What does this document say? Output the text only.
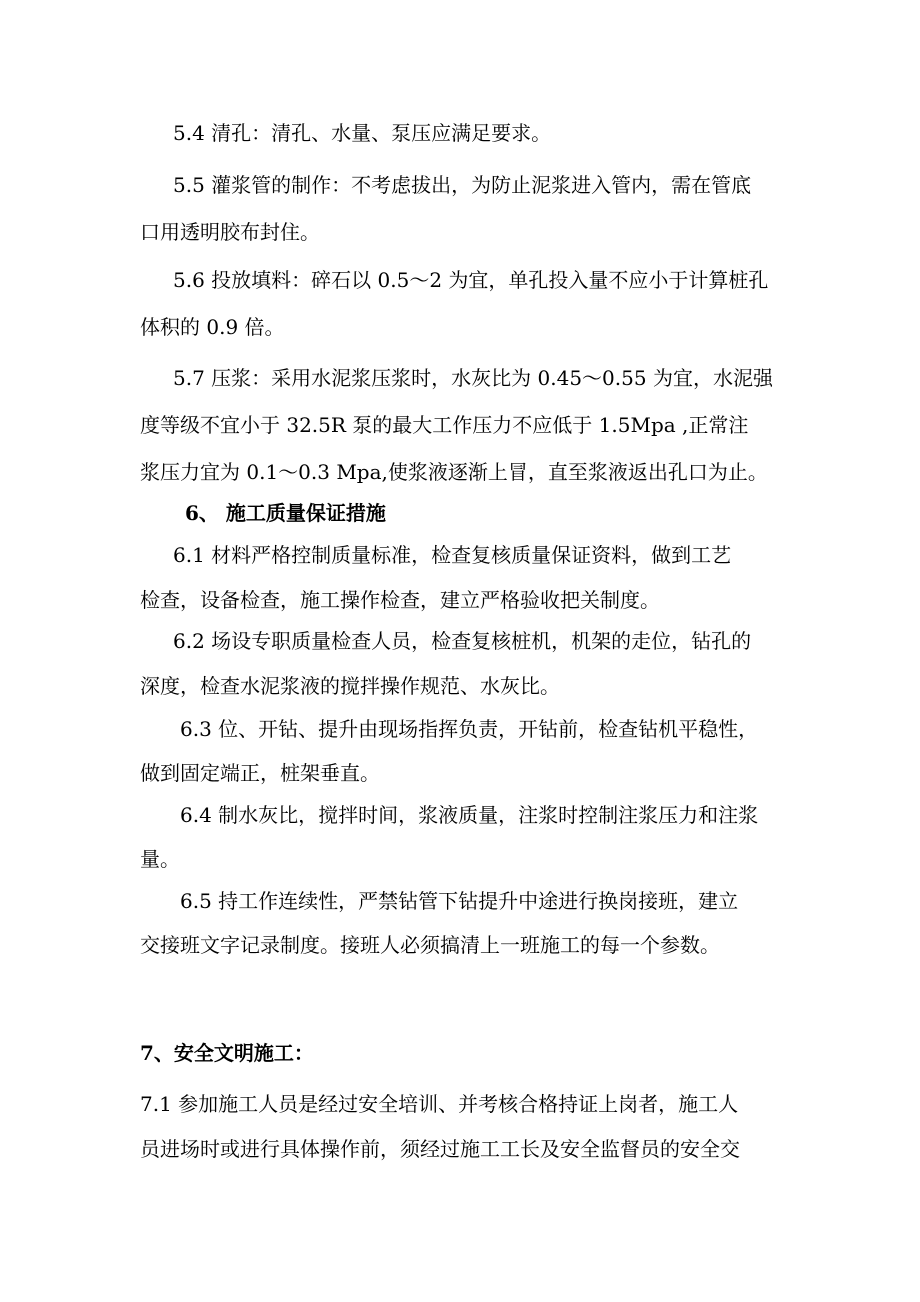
5.4 清孔：清孔、水量、泵压应满足要求。
5.5 灌浆管的制作：不考虑拔出，为防止泥浆进入管内，需在管底
口用透明胶布封住。
5.6 投放填料：碎石以 0.5～2 为宜，单孔投入量不应小于计算桩孔
体积的 0.9 倍。
5.7 压浆：采用水泥浆压浆时，水灰比为 0.45～0.55 为宜，水泥强
度等级不宜小于 32.5R 泵的最大工作压力不应低于 1.5Mpa ,正常注
浆压力宜为 0.1～0.3 Mpa,使浆液逐渐上冒，直至浆液返出孔口为止。
6、 施工质量保证措施
6.1 材料严格控制质量标准，检查复核质量保证资料，做到工艺
检查，设备检查，施工操作检查，建立严格验收把关制度。
6.2 场设专职质量检查人员，检查复核桩机，机架的走位，钻孔的
深度，检查水泥浆液的搅拌操作规范、水灰比。
6.3 位、开钻、提升由现场指挥负责，开钻前，检查钻机平稳性，
做到固定端正，桩架垂直。
6.4 制水灰比，搅拌时间，浆液质量，注浆时控制注浆压力和注浆
量。
6.5 持工作连续性，严禁钻管下钻提升中途进行换岗接班，建立
交接班文字记录制度。接班人必须搞清上一班施工的每一个参数。
7、安全文明施工：
7.1 参加施工人员是经过安全培训、并考核合格持证上岗者，施工人
员进场时或进行具体操作前，须经过施工工长及安全监督员的安全交
